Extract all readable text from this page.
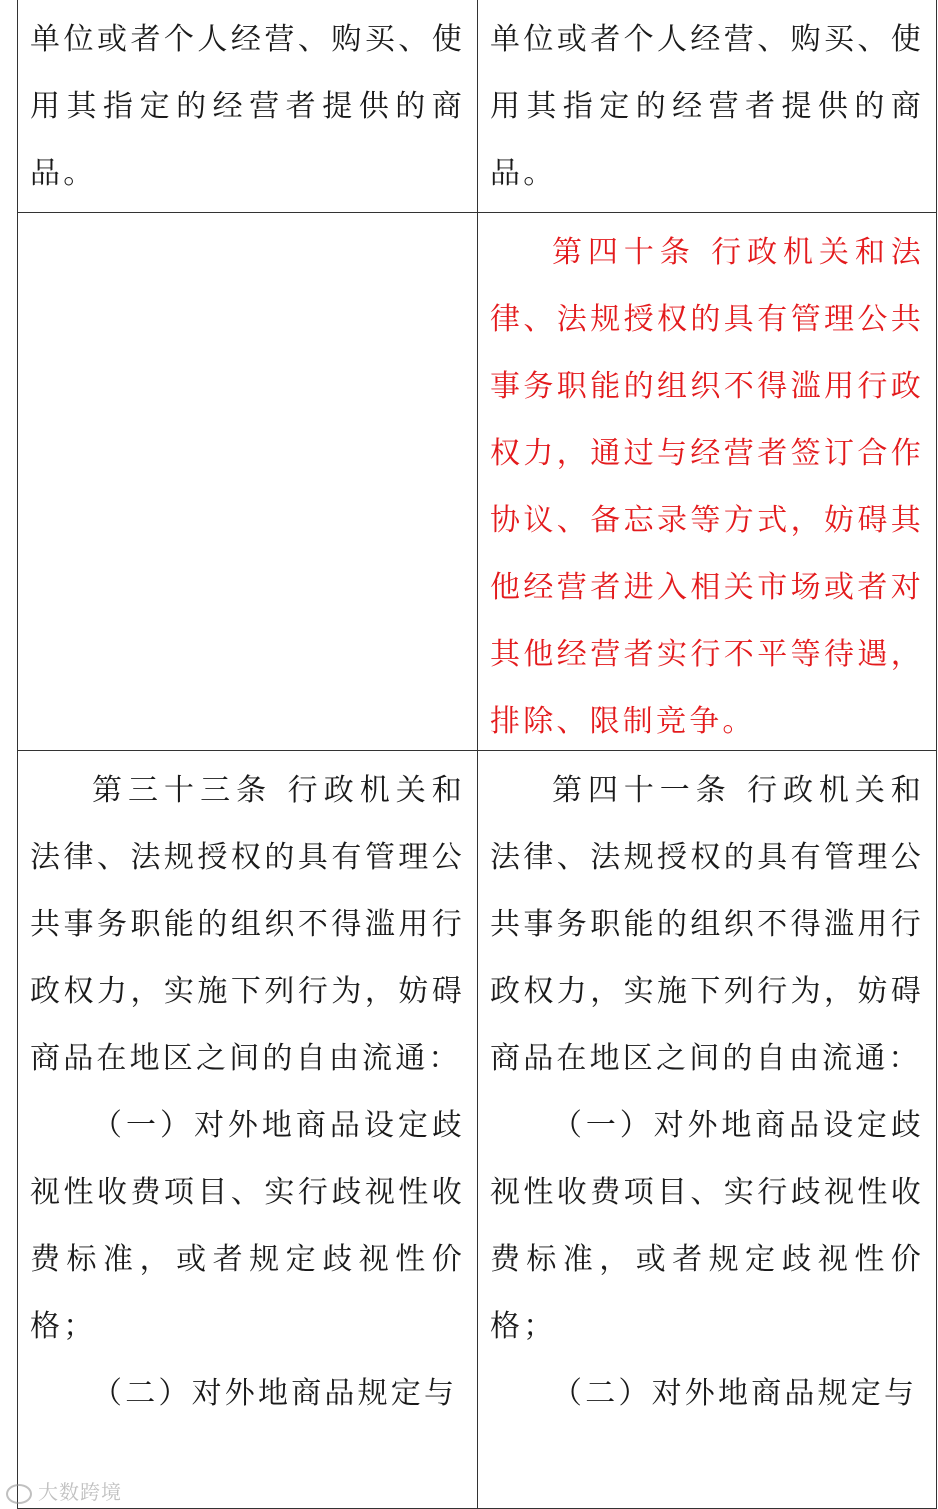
单位或者个人经营、购买、使用其指定的经营者提供的商品。

单位或者个人经营、购买、使用其指定的经营者提供的商品。

第四十条 行政机关和法律、法规授权的具有管理公共事务职能的组织不得滥用行政权力，通过与经营者签订合作协议、备忘录等方式，妨碍其他经营者进入相关市场或者对其他经营者实行不平等待遇，排除、限制竞争。

第三十三条 行政机关和法律、法规授权的具有管理公共事务职能的组织不得滥用行政权力，实施下列行为，妨碍商品在地区之间的自由流通：

（一）对外地商品设定歧视性收费项目、实行歧视性收费标准，或者规定歧视性价格；

（二）对外地商品规定与

第四十一条 行政机关和法律、法规授权的具有管理公共事务职能的组织不得滥用行政权力，实施下列行为，妨碍商品在地区之间的自由流通：

（一）对外地商品设定歧视性收费项目、实行歧视性收费标准，或者规定歧视性价格；

（二）对外地商品规定与

大数跨境
